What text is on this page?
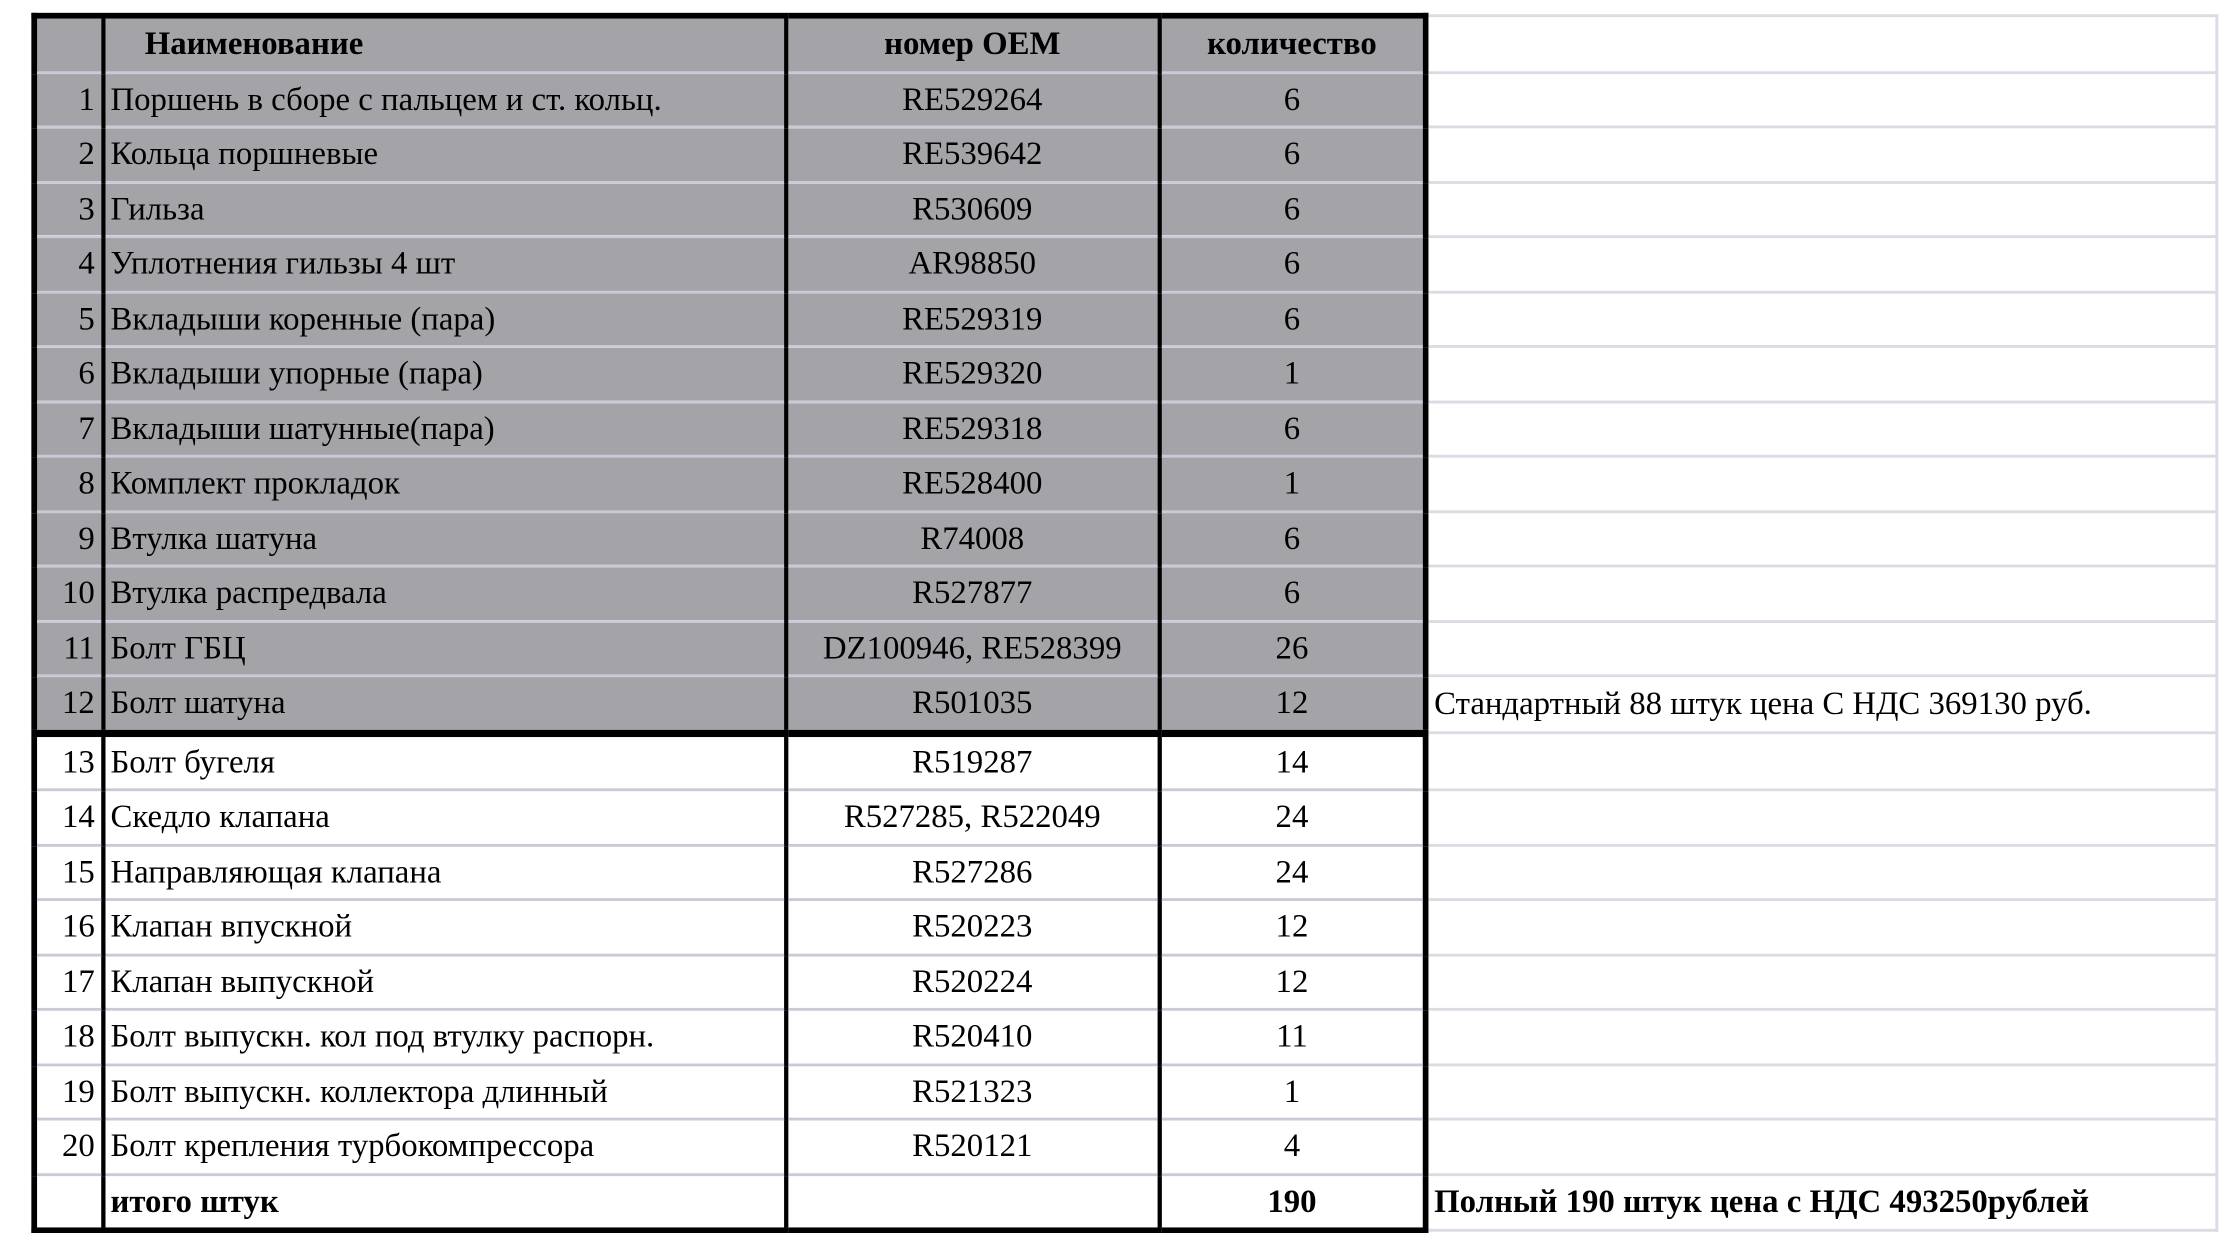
	Наименование	номер OEM	количество	
1	Поршень в сборе с пальцем и ст. кольц.	RE529264	6	
2	Кольца поршневые	RE539642	6	
3	Гильза	R530609	6	
4	Уплотнения гильзы 4 шт	AR98850	6	
5	Вкладыши коренные (пара)	RE529319	6	
6	Вкладыши упорные (пара)	RE529320	1	
7	Вкладыши шатунные(пара)	RE529318	6	
8	Комплект прокладок	RE528400	1	
9	Втулка шатуна	R74008	6	
10	Втулка распредвала	R527877	6	
11	Болт ГБЦ	DZ100946, RE528399	26	
12	Болт шатуна	R501035	12	Стандартный 88 штук цена С НДС 369130 руб.
13	Болт бугеля	R519287	14	
14	Скедло клапана	R527285, R522049	24	
15	Направляющая клапана	R527286	24	
16	Клапан впускной	R520223	12	
17	Клапан выпускной	R520224	12	
18	Болт выпускн. кол под втулку распорн.	R520410	11	
19	Болт выпускн. коллектора длинный	R521323	1	
20	Болт крепления турбокомпрессора	R520121	4	
	итого штук		190	Полный 190 штук цена с НДС 493250рублей
